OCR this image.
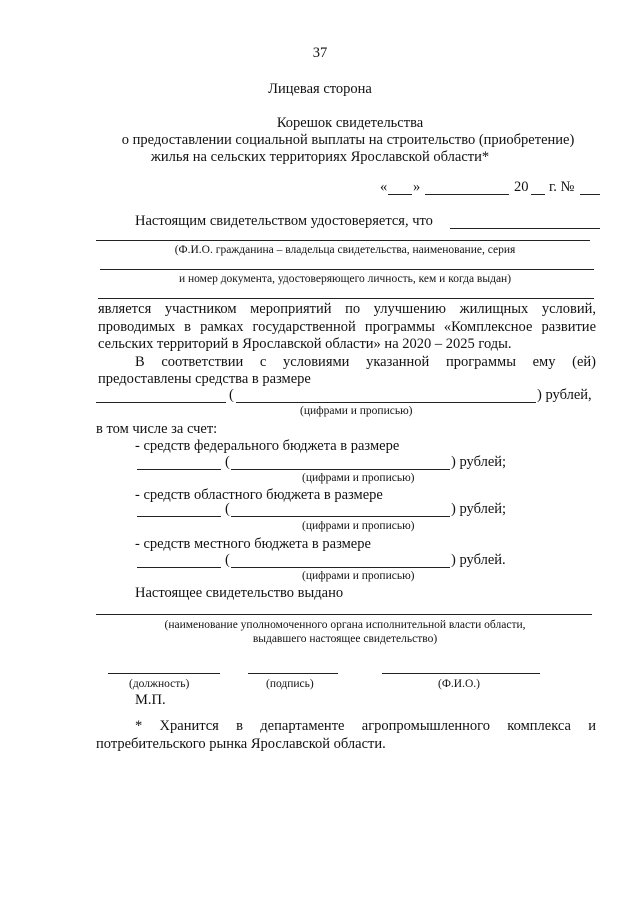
37
Лицевая сторона
Корешок свидетельства
о предоставлении социальной выплаты на строительство (приобретение)
жилья на сельских территориях Ярославской области*
« »	20 г. №
Настоящим свидетельством удостоверяется, что
(Ф.И.О. гражданина – владельца свидетельства, наименование, серия
и номер документа, удостоверяющего личность, кем и когда выдан)
является участником мероприятий по улучшению жилищных условий,
проводимых в рамках государственной программы «Комплексное развитие
сельских территорий в Ярославской области» на 2020 – 2025 годы.
В соответствии с условиями указанной программы ему (ей)
предоставлены средства в размере
(	) рублей,
(цифрами и прописью)
в том числе за счет:
- средств федерального бюджета в размере
(	) рублей;
(цифрами и прописью)
- средств областного бюджета в размере
(	) рублей;
(цифрами и прописью)
- средств местного бюджета в размере
(	) рублей.
(цифрами и прописью)
Настоящее свидетельство выдано
(наименование уполномоченного органа исполнительной власти области,
выдавшего настоящее свидетельство)
(должность)	(подпись)	(Ф.И.О.)
М.П.
* Хранится в департаменте агропромышленного комплекса и
потребительского рынка Ярославской области.
